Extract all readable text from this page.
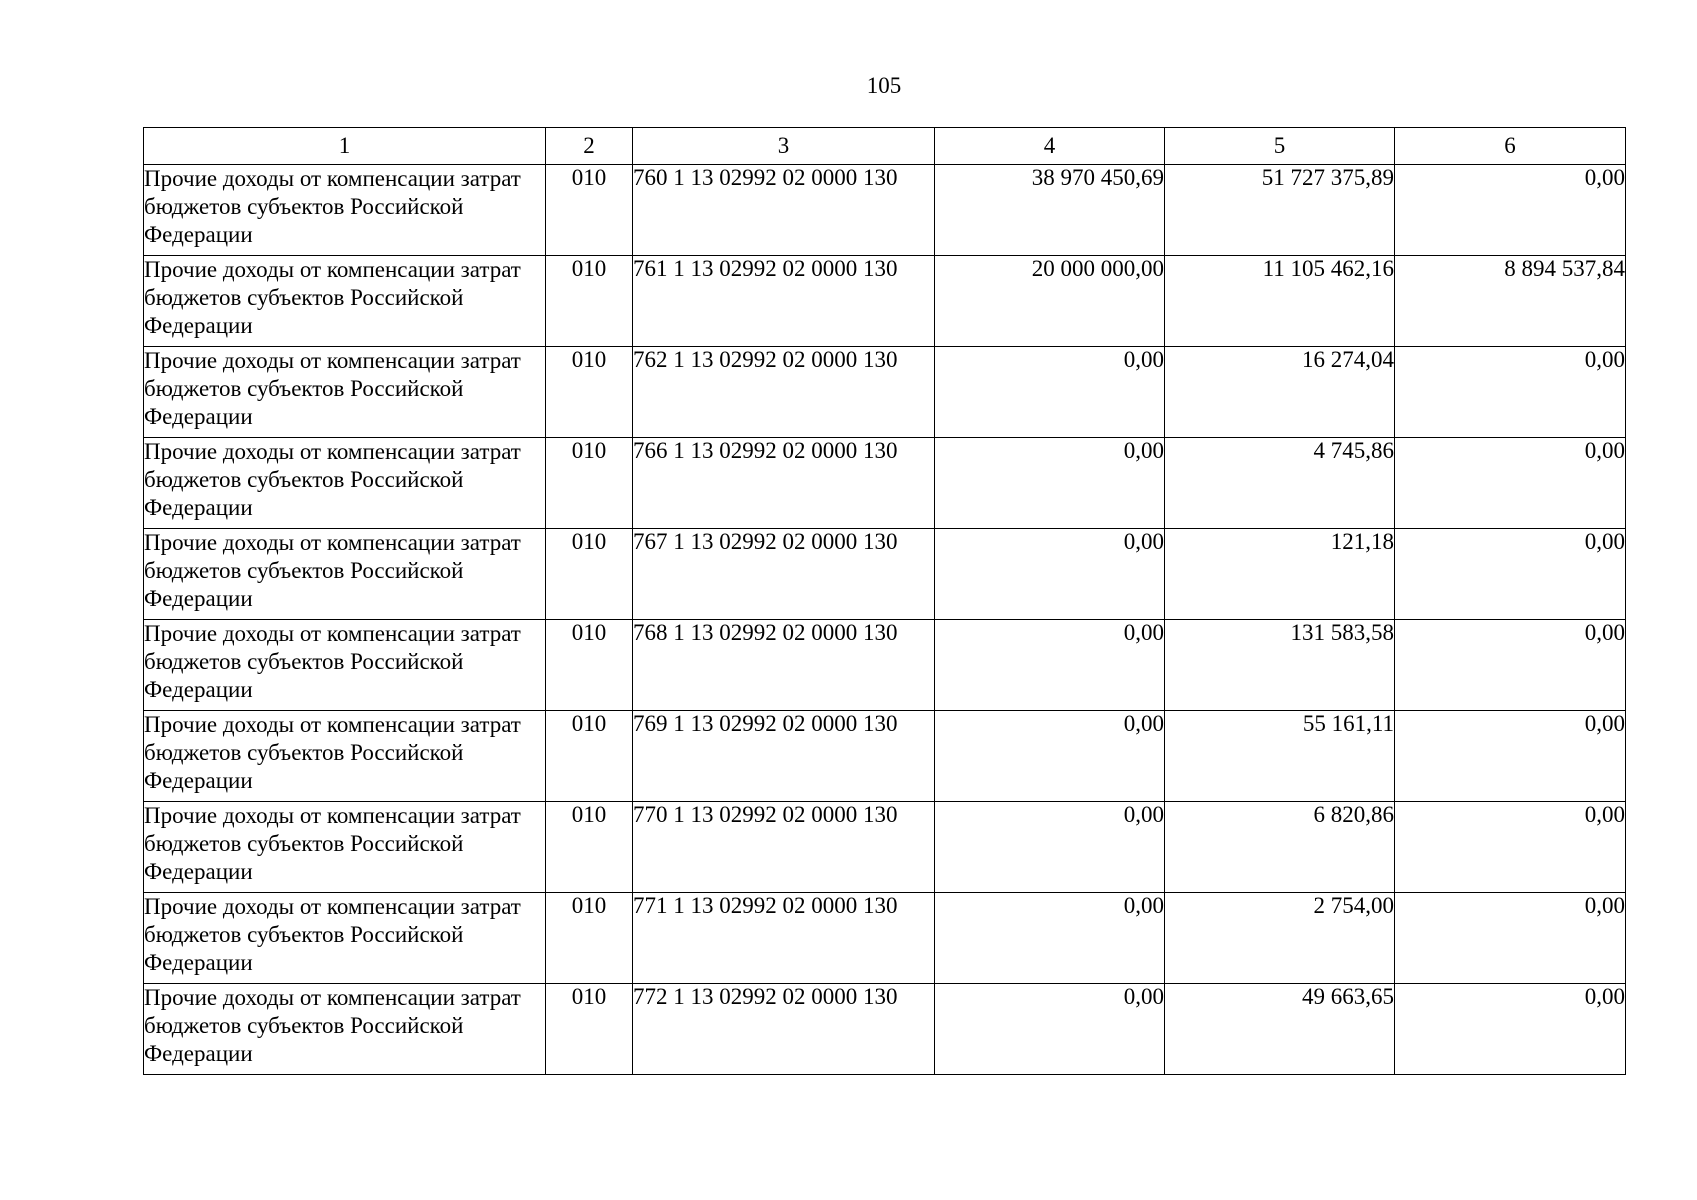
105
1	2	3	4	5	6
Прочие доходы от компенсации затрат бюджетов субъектов Российской Федерации	010	760 1 13 02992 02 0000 130	38 970 450,69	51 727 375,89	0,00
Прочие доходы от компенсации затрат бюджетов субъектов Российской Федерации	010	761 1 13 02992 02 0000 130	20 000 000,00	11 105 462,16	8 894 537,84
Прочие доходы от компенсации затрат бюджетов субъектов Российской Федерации	010	762 1 13 02992 02 0000 130	0,00	16 274,04	0,00
Прочие доходы от компенсации затрат бюджетов субъектов Российской Федерации	010	766 1 13 02992 02 0000 130	0,00	4 745,86	0,00
Прочие доходы от компенсации затрат бюджетов субъектов Российской Федерации	010	767 1 13 02992 02 0000 130	0,00	121,18	0,00
Прочие доходы от компенсации затрат бюджетов субъектов Российской Федерации	010	768 1 13 02992 02 0000 130	0,00	131 583,58	0,00
Прочие доходы от компенсации затрат бюджетов субъектов Российской Федерации	010	769 1 13 02992 02 0000 130	0,00	55 161,11	0,00
Прочие доходы от компенсации затрат бюджетов субъектов Российской Федерации	010	770 1 13 02992 02 0000 130	0,00	6 820,86	0,00
Прочие доходы от компенсации затрат бюджетов субъектов Российской Федерации	010	771 1 13 02992 02 0000 130	0,00	2 754,00	0,00
Прочие доходы от компенсации затрат бюджетов субъектов Российской Федерации	010	772 1 13 02992 02 0000 130	0,00	49 663,65	0,00
